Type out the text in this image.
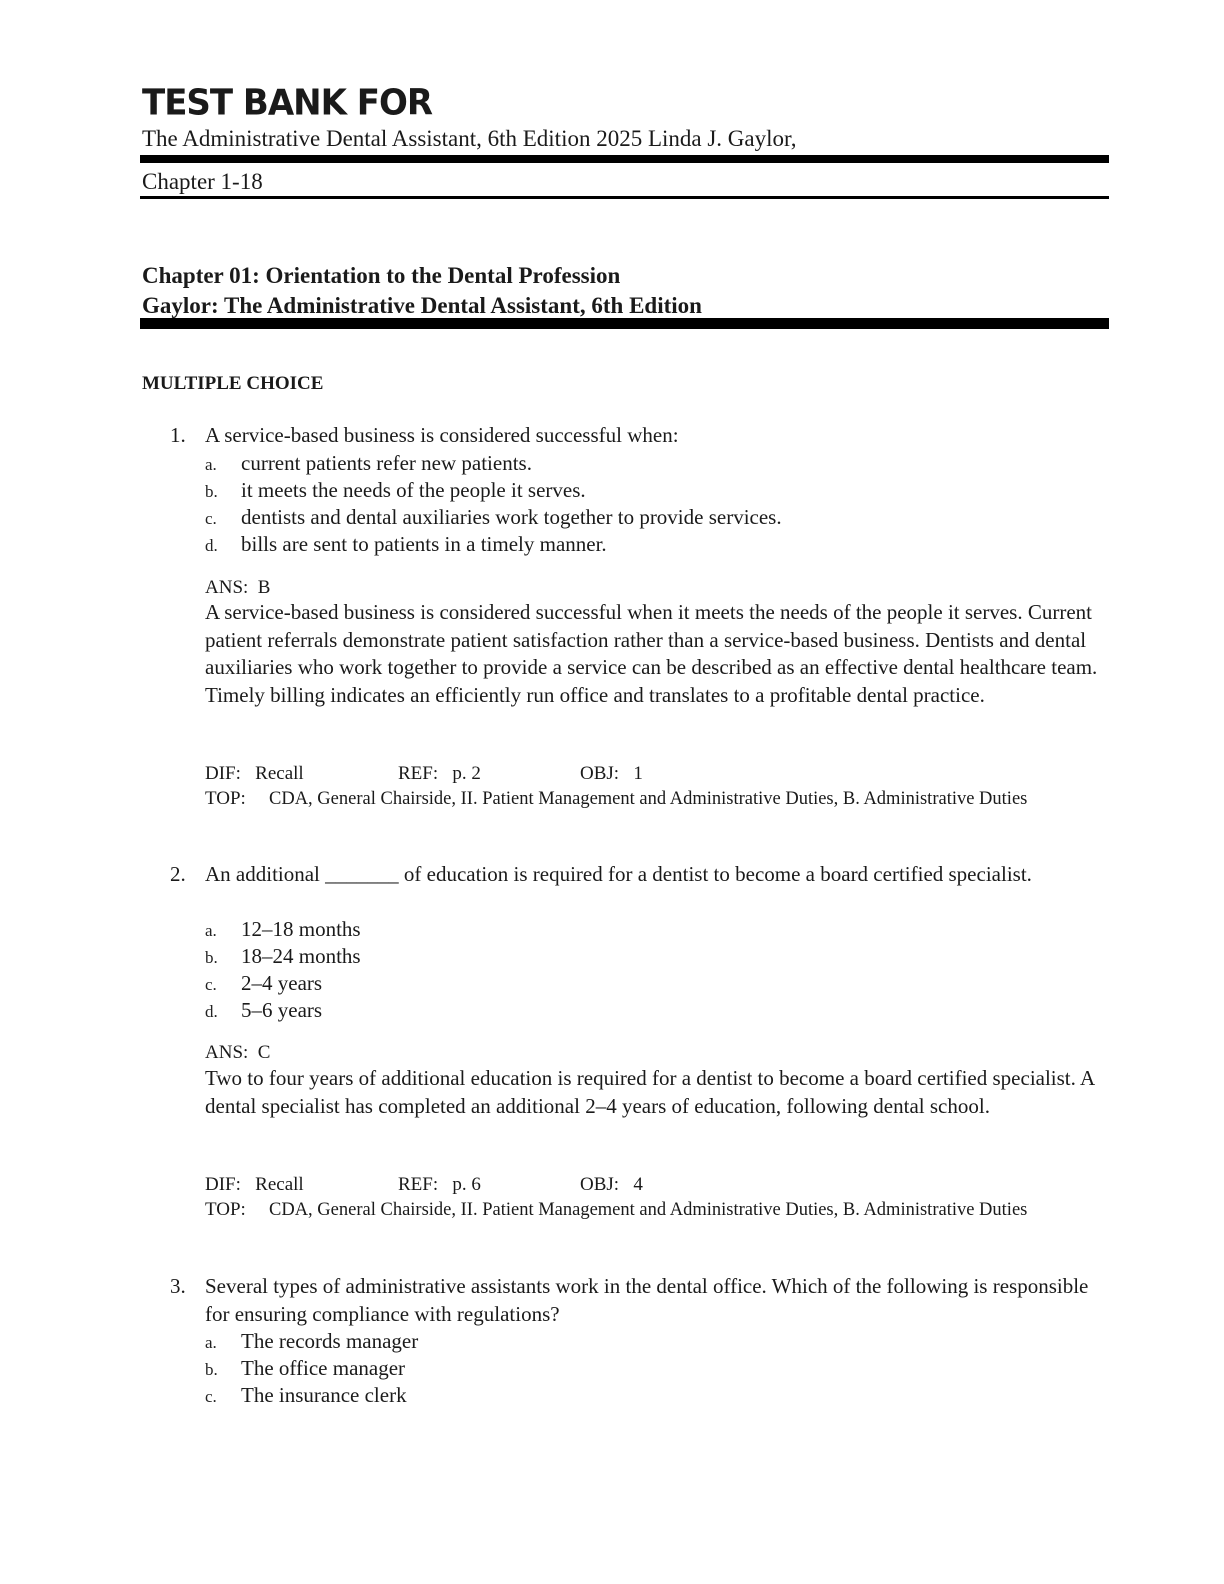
TEST BANK FOR
The Administrative Dental Assistant, 6th Edition 2025 Linda J. Gaylor,
Chapter 1-18
Chapter 01: Orientation to the Dental Profession
Gaylor: The Administrative Dental Assistant, 6th Edition
MULTIPLE CHOICE
1. A service-based business is considered successful when:
a. current patients refer new patients.
b. it meets the needs of the people it serves.
c. dentists and dental auxiliaries work together to provide services.
d. bills are sent to patients in a timely manner.
ANS: B
A service-based business is considered successful when it meets the needs of the people it serves. Current patient referrals demonstrate patient satisfaction rather than a service-based business. Dentists and dental auxiliaries who work together to provide a service can be described as an effective dental healthcare team. Timely billing indicates an efficiently run office and translates to a profitable dental practice.
DIF: Recall	REF: p. 2	OBJ: 1
TOP: CDA, General Chairside, II. Patient Management and Administrative Duties, B. Administrative Duties
2. An additional _______ of education is required for a dentist to become a board certified specialist.
a. 12–18 months
b. 18–24 months
c. 2–4 years
d. 5–6 years
ANS: C
Two to four years of additional education is required for a dentist to become a board certified specialist. A dental specialist has completed an additional 2–4 years of education, following dental school.
DIF: Recall	REF: p. 6	OBJ: 4
TOP: CDA, General Chairside, II. Patient Management and Administrative Duties, B. Administrative Duties
3. Several types of administrative assistants work in the dental office. Which of the following is responsible for ensuring compliance with regulations?
a. The records manager
b. The office manager
c. The insurance clerk
